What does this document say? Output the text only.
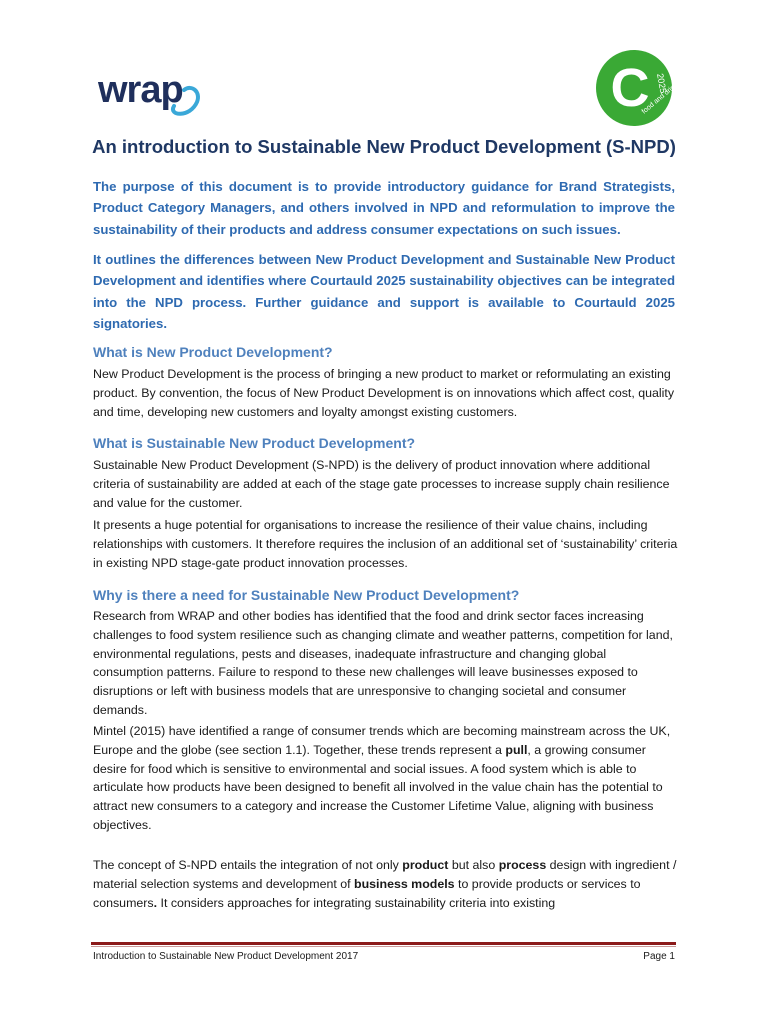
wrap	C 2025
food and drink
An introduction to Sustainable New Product Development (S-NPD)

The purpose of this document is to provide introductory guidance for Brand Strategists, Product Category Managers, and others involved in NPD and reformulation to improve the sustainability of their products and address consumer expectations on such issues.

It outlines the differences between New Product Development and Sustainable New Product Development and identifies where Courtauld 2025 sustainability objectives can be integrated into the NPD process. Further guidance and support is available to Courtauld 2025 signatories.

What is New Product Development?

New Product Development is the process of bringing a new product to market or reformulating an existing product. By convention, the focus of New Product Development is on innovations which affect cost, quality and time, developing new customers and loyalty amongst existing customers.

What is Sustainable New Product Development?

Sustainable New Product Development (S-NPD) is the delivery of product innovation where additional criteria of sustainability are added at each of the stage gate processes to increase supply chain resilience and value for the customer.

It presents a huge potential for organisations to increase the resilience of their value chains, including relationships with customers. It therefore requires the inclusion of an additional set of ‘sustainability’ criteria in existing NPD stage-gate product innovation processes.

Why is there a need for Sustainable New Product Development?

Research from WRAP and other bodies has identified that the food and drink sector faces increasing challenges to food system resilience such as changing climate and weather patterns, competition for land, environmental regulations, pests and diseases, inadequate infrastructure and changing global consumption patterns. Failure to respond to these new challenges will leave businesses exposed to disruptions or left with business models that are unresponsive to changing societal and consumer demands.

Mintel (2015) have identified a range of consumer trends which are becoming mainstream across the UK, Europe and the globe (see section 1.1). Together, these trends represent a pull, a growing consumer desire for food which is sensitive to environmental and social issues. A food system which is able to articulate how products have been designed to benefit all involved in the value chain has the potential to attract new consumers to a category and increase the Customer Lifetime Value, aligning with business objectives.

The concept of S-NPD entails the integration of not only product but also process design with ingredient / material selection systems and development of business models to provide products or services to consumers. It considers approaches for integrating sustainability criteria into existing

Introduction to Sustainable New Product Development 2017	Page 1
